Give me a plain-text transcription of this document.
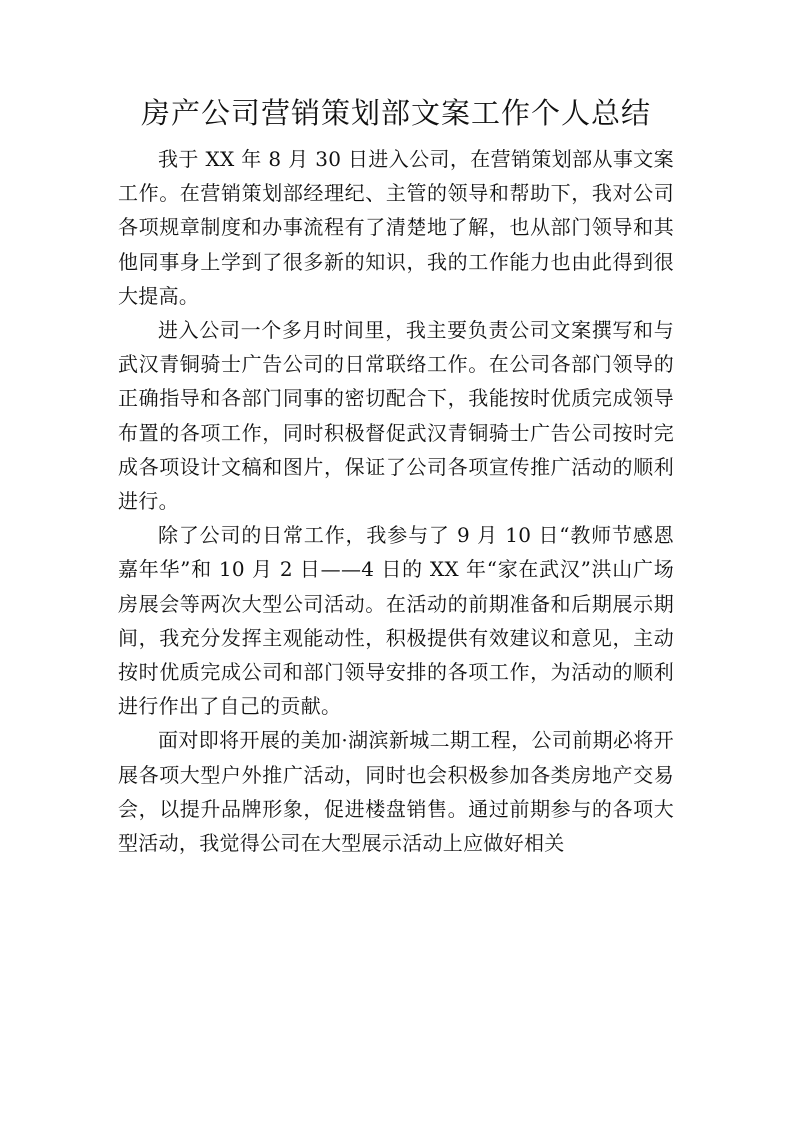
房产公司营销策划部文案工作个人总结

我于 XX 年 8 月 30 日进入公司，在营销策划部从事文案工作。在营销策划部经理纪、主管的领导和帮助下，我对公司各项规章制度和办事流程有了清楚地了解，也从部门领导和其他同事身上学到了很多新的知识，我的工作能力也由此得到很大提高。

进入公司一个多月时间里，我主要负责公司文案撰写和与武汉青铜骑士广告公司的日常联络工作。在公司各部门领导的正确指导和各部门同事的密切配合下，我能按时优质完成领导布置的各项工作，同时积极督促武汉青铜骑士广告公司按时完成各项设计文稿和图片，保证了公司各项宣传推广活动的顺利进行。

除了公司的日常工作，我参与了 9 月 10 日“教师节感恩嘉年华”和 10 月 2 日——4 日的 XX 年“家在武汉”洪山广场房展会等两次大型公司活动。在活动的前期准备和后期展示期间，我充分发挥主观能动性，积极提供有效建议和意见，主动按时优质完成公司和部门领导安排的各项工作，为活动的顺利进行作出了自己的贡献。

面对即将开展的美加·湖滨新城二期工程，公司前期必将开展各项大型户外推广活动，同时也会积极参加各类房地产交易会，以提升品牌形象，促进楼盘销售。通过前期参与的各项大型活动，我觉得公司在大型展示活动上应做好相关
